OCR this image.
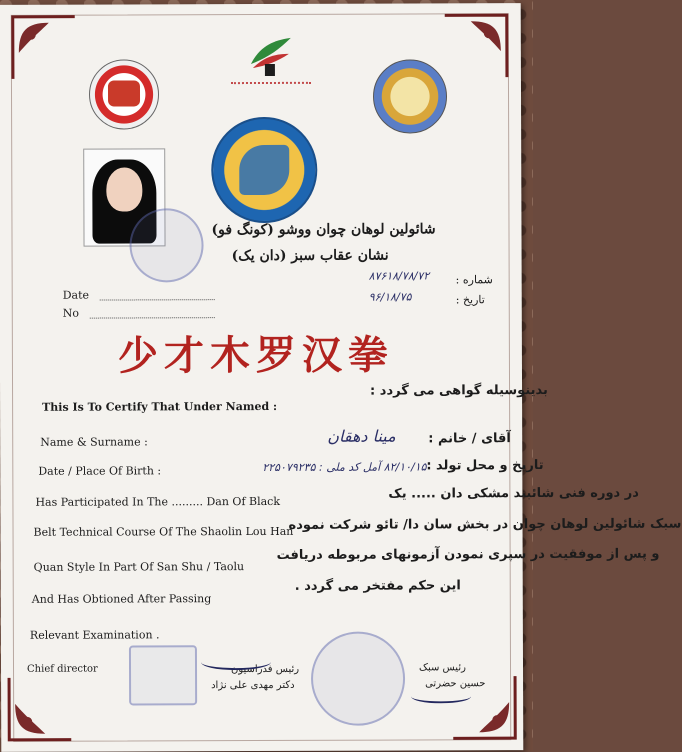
شائولین لوهان چوان ووشو (کونگ فو)
نشان عقاب سبز (دان یک)
Date
No
شماره :
تاریخ :
۸۷۶۱۸/۷۸/۷۲
۹۶/۱۸/۷۵
少才木罗汉拳
This Is To Certify That Under Named :
بدینوسیله گواهی می گردد :
Name & Surname :	مینا دهقان آقای / خانم :
Date / Place Of Birth :	۸۲/۱۰/۱۵ آمل کد ملی : ۲۲۵۰۷۹۲۳۵ تاریخ و محل تولد :
Has Participated In The ......... Dan Of Black
در دوره فنی شائبند مشکی دان ..... یک
Belt Technical Course Of The Shaolin Lou Han
سبک شائولین لوهان چوان در بخش سان دا/ تائو شرکت نموده
Quan Style In Part Of San Shu / Taolu
و پس از موفقیت در سپری نمودن آزمونهای مربوطه دریافت
And Has Obtioned After Passing
این حکم مفتخر می گردد .
Relevant Examination .
Chief director	رئیس فدراسیون
دکتر مهدی علی نژاد
رئیس سبک
حسین حضرتی
